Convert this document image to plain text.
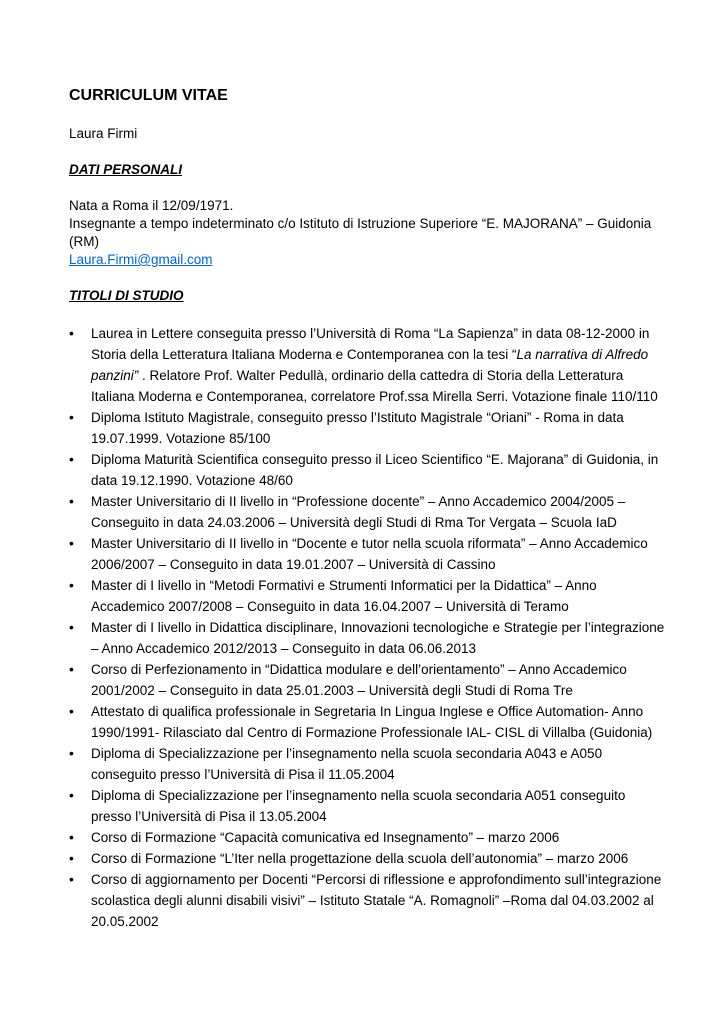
CURRICULUM VITAE
Laura Firmi
DATI PERSONALI
Nata a Roma il 12/09/1971.
Insegnante a tempo indeterminato c/o Istituto di Istruzione Superiore “E. MAJORANA” – Guidonia (RM)
Laura.Firmi@gmail.com
TITOLI DI STUDIO
• Laurea in Lettere conseguita presso l’Università di Roma “La Sapienza” in data 08-12-2000 in Storia della Letteratura Italiana Moderna e Contemporanea con la tesi “La narrativa di Alfredo panzini” . Relatore Prof. Walter Pedullà, ordinario della cattedra di Storia della Letteratura Italiana Moderna e Contemporanea, correlatore Prof.ssa Mirella Serri. Votazione finale 110/110
• Diploma Istituto Magistrale, conseguito presso l’Istituto Magistrale “Oriani” - Roma in data 19.07.1999. Votazione 85/100
• Diploma Maturità Scientifica conseguito presso il Liceo Scientifico “E. Majorana” di Guidonia, in data 19.12.1990. Votazione 48/60
• Master Universitario di II livello in “Professione docente” – Anno Accademico 2004/2005 – Conseguito in data 24.03.2006 – Università degli Studi di Rma Tor Vergata – Scuola IaD
• Master Universitario di II livello in “Docente e tutor nella scuola riformata” – Anno Accademico 2006/2007 – Conseguito in data 19.01.2007 – Università di Cassino
• Master di I livello in “Metodi Formativi e Strumenti Informatici per la Didattica” – Anno Accademico 2007/2008 – Conseguito in data 16.04.2007 – Università di Teramo
• Master di I livello in Didattica disciplinare, Innovazioni tecnologiche e Strategie per l’integrazione – Anno Accademico 2012/2013 – Conseguito in data 06.06.2013
• Corso di Perfezionamento in “Didattica modulare e dell’orientamento” – Anno Accademico 2001/2002 – Conseguito in data 25.01.2003 – Università degli Studi di Roma Tre
• Attestato di qualifica professionale in Segretaria In Lingua Inglese e Office Automation- Anno 1990/1991- Rilasciato dal Centro di Formazione Professionale IAL- CISL di Villalba (Guidonia)
• Diploma di Specializzazione per l’insegnamento nella scuola secondaria A043 e A050 conseguito presso l’Università di Pisa il 11.05.2004
• Diploma di Specializzazione per l’insegnamento nella scuola secondaria A051 conseguito presso l’Università di Pisa il 13.05.2004
• Corso di Formazione “Capacità comunicativa ed Insegnamento” – marzo 2006
• Corso di Formazione “L’Iter nella progettazione della scuola dell’autonomia” – marzo 2006
• Corso di aggiornamento per Docenti “Percorsi di riflessione e approfondimento sull’integrazione scolastica degli alunni disabili visivi” – Istituto Statale “A. Romagnoli” –Roma dal 04.03.2002 al 20.05.2002
